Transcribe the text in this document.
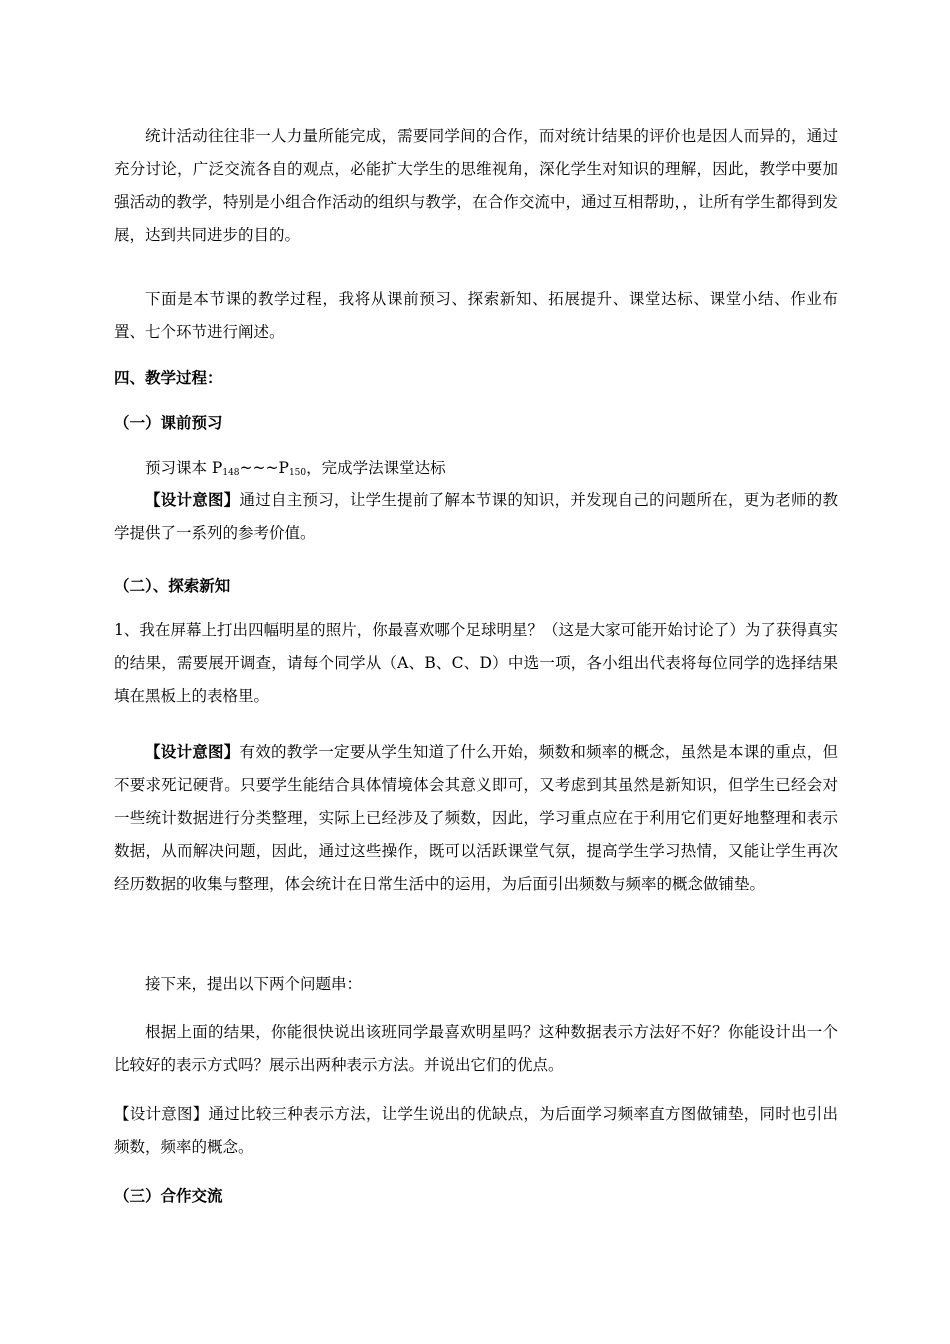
统计活动往往非一人力量所能完成，需要同学间的合作，而对统计结果的评价也是因人而异的，通过充分讨论，广泛交流各自的观点，必能扩大学生的思维视角，深化学生对知识的理解，因此，教学中要加强活动的教学，特别是小组合作活动的组织与教学，在合作交流中，通过互相帮助，，让所有学生都得到发展，达到共同进步的目的。

下面是本节课的教学过程，我将从课前预习、探索新知、拓展提升、课堂达标、课堂小结、作业布置、七个环节进行阐述。

四、教学过程：

（一）课前预习

预习课本 $P_{148}\sim\sim\sim P_{150}$，完成学法课堂达标

【设计意图】通过自主预习，让学生提前了解本节课的知识，并发现自己的问题所在，更为老师的教学提供了一系列的参考价值。

（二）、探索新知

1、我在屏幕上打出四幅明星的照片，你最喜欢哪个足球明星？（这是大家可能开始讨论了）为了获得真实的结果，需要展开调查，请每个同学从（A、B、C、D）中选一项，各小组出代表将每位同学的选择结果填在黑板上的表格里。

【设计意图】有效的教学一定要从学生知道了什么开始，频数和频率的概念，虽然是本课的重点，但不要求死记硬背。只要学生能结合具体情境体会其意义即可，又考虑到其虽然是新知识，但学生已经会对一些统计数据进行分类整理，实际上已经涉及了频数，因此，学习重点应在于利用它们更好地整理和表示数据，从而解决问题，因此，通过这些操作，既可以活跃课堂气氛，提高学生学习热情，又能让学生再次经历数据的收集与整理，体会统计在日常生活中的运用，为后面引出频数与频率的概念做铺垫。

接下来，提出以下两个问题串：

根据上面的结果，你能很快说出该班同学最喜欢明星吗？这种数据表示方法好不好？你能设计出一个比较好的表示方式吗？展示出两种表示方法。并说出它们的优点。

【设计意图】通过比较三种表示方法，让学生说出的优缺点，为后面学习频率直方图做铺垫，同时也引出频数，频率的概念。

（三）合作交流
